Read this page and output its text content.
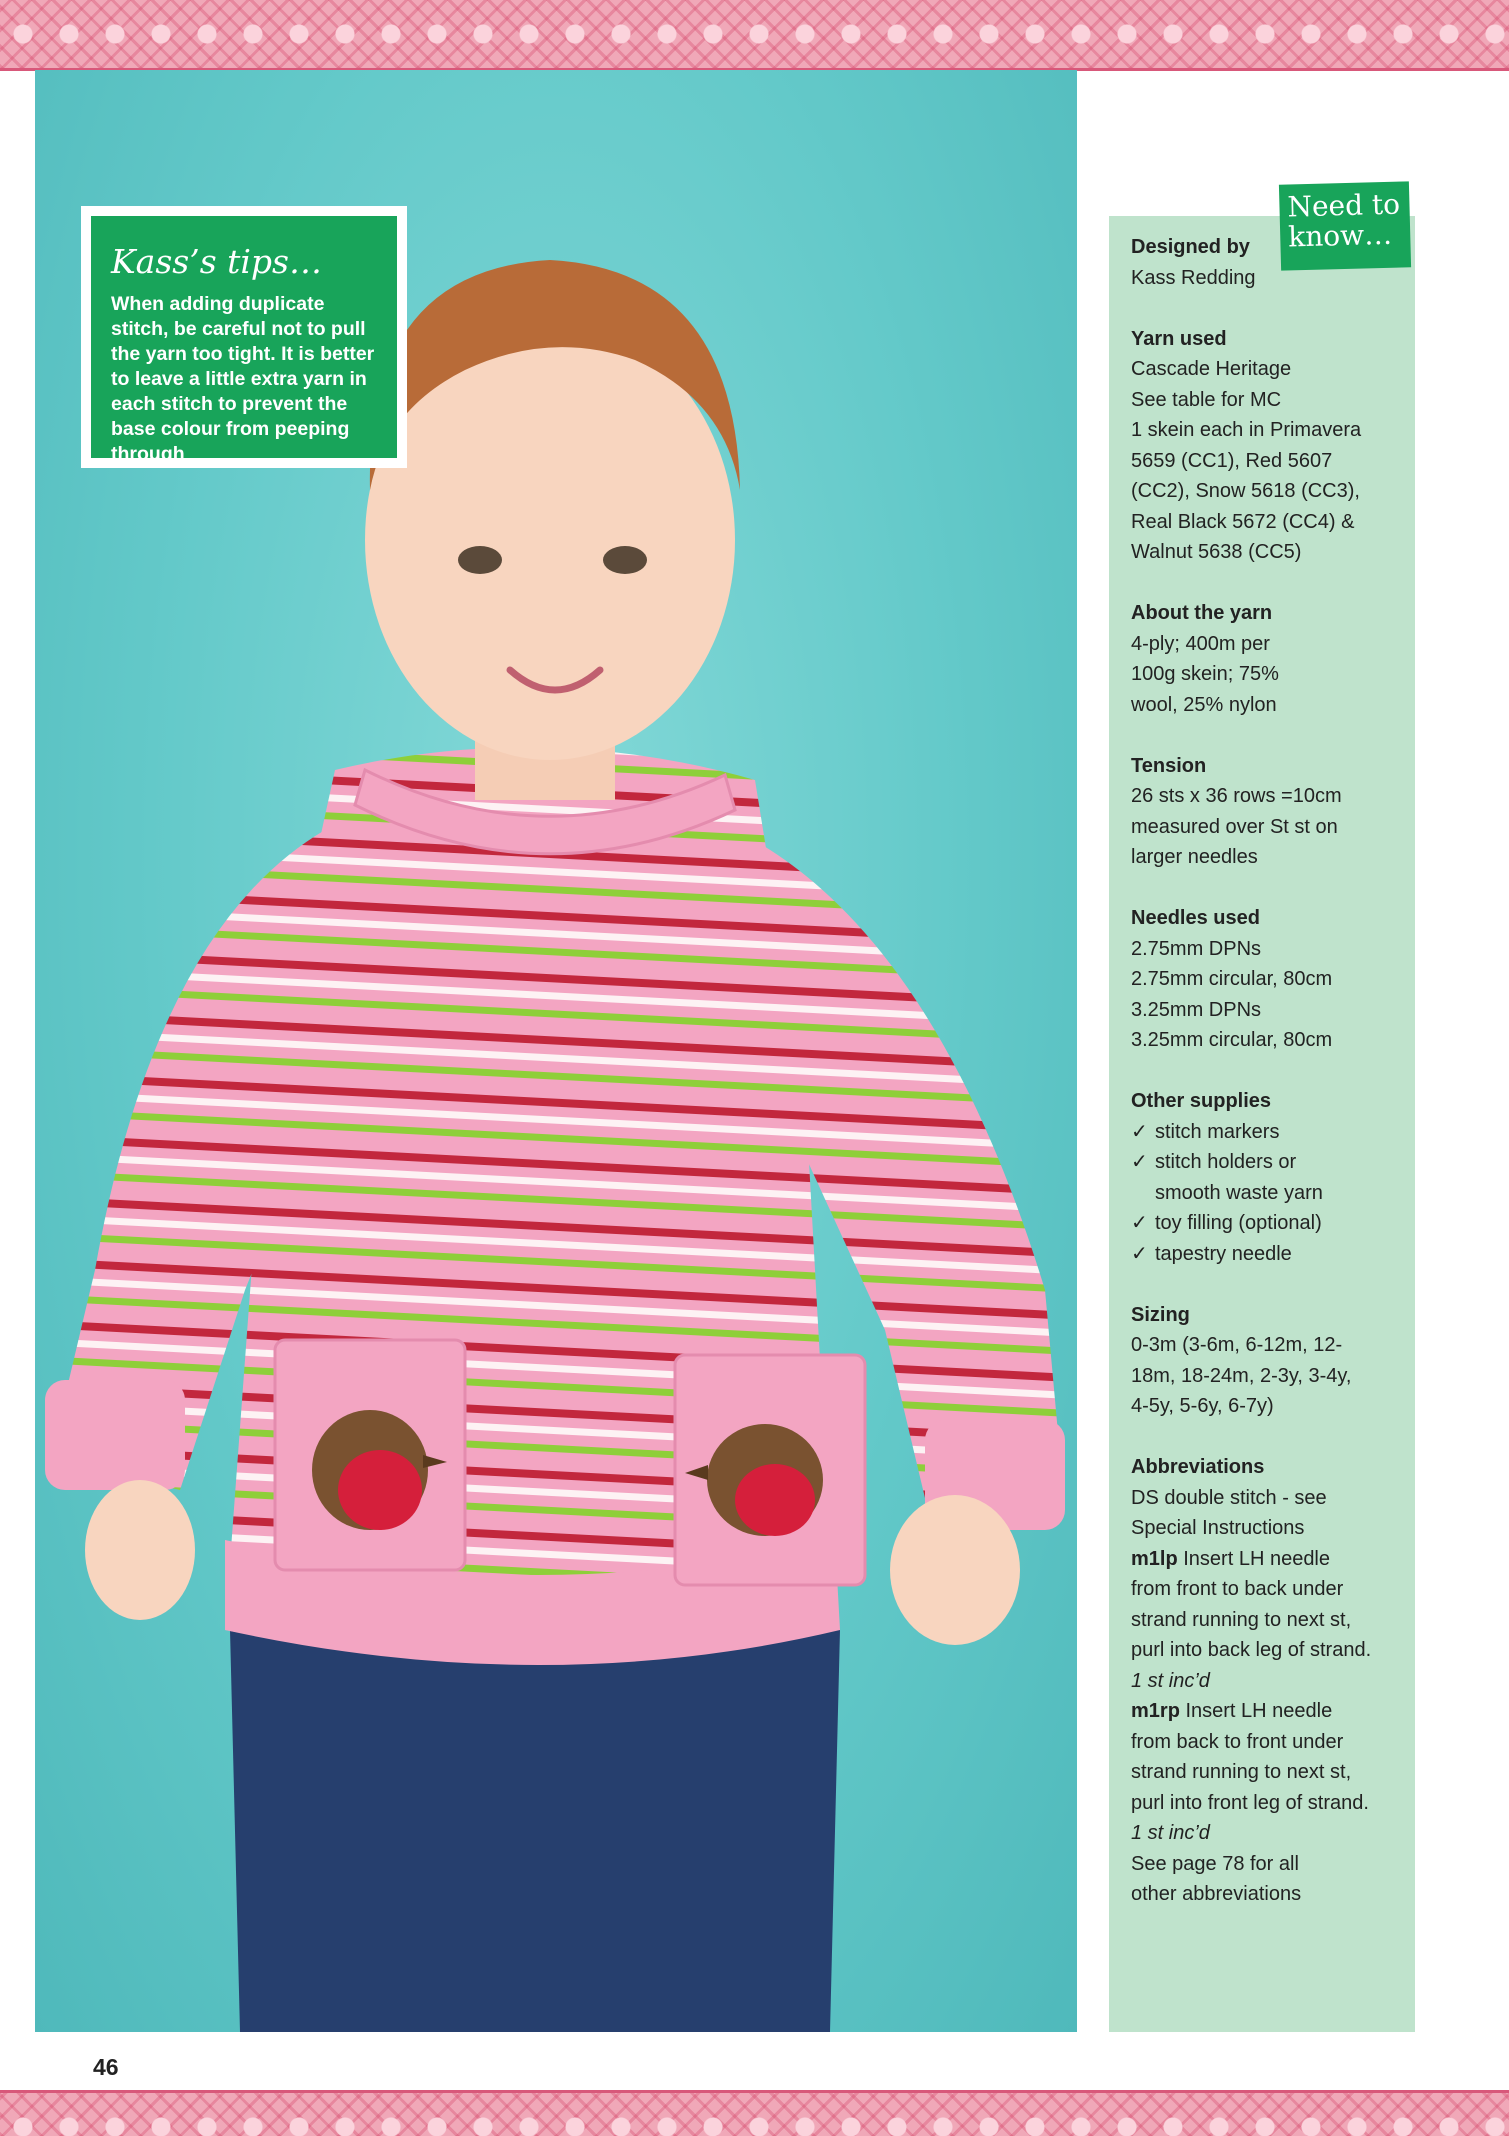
Kass’s tips…

When adding duplicate stitch, be careful not to pull the yarn too tight. It is better to leave a little extra yarn in each stitch to prevent the base colour from peeping through

Designed by
Kass Redding
Yarn used
Cascade Heritage
See table for MC
1 skein each in Primavera
5659 (CC1), Red 5607
(CC2), Snow 5618 (CC3),
Real Black 5672 (CC4) &
Walnut 5638 (CC5)
About the yarn
4-ply; 400m per
100g skein; 75%
wool, 25% nylon
Tension
26 sts x 36 rows =10cm
measured over St st on
larger needles
Needles used
2.75mm DPNs
2.75mm circular, 80cm
3.25mm DPNs
3.25mm circular, 80cm
Other supplies
✓ stitch markers
✓ stitch holders or
smooth waste yarn
✓ toy filling (optional)
✓ tapestry needle
Sizing
0-3m (3-6m, 6-12m, 12-
18m, 18-24m, 2-3y, 3-4y,
4-5y, 5-6y, 6-7y)
Abbreviations
DS double stitch - see
Special Instructions
m1lp Insert LH needle
from front to back under
strand running to next st,
purl into back leg of strand.
1 st inc’d
m1rp Insert LH needle
from back to front under
strand running to next st,
purl into front leg of strand.
1 st inc’d
See page 78 for all
other abbreviations
Need to
know…
46
